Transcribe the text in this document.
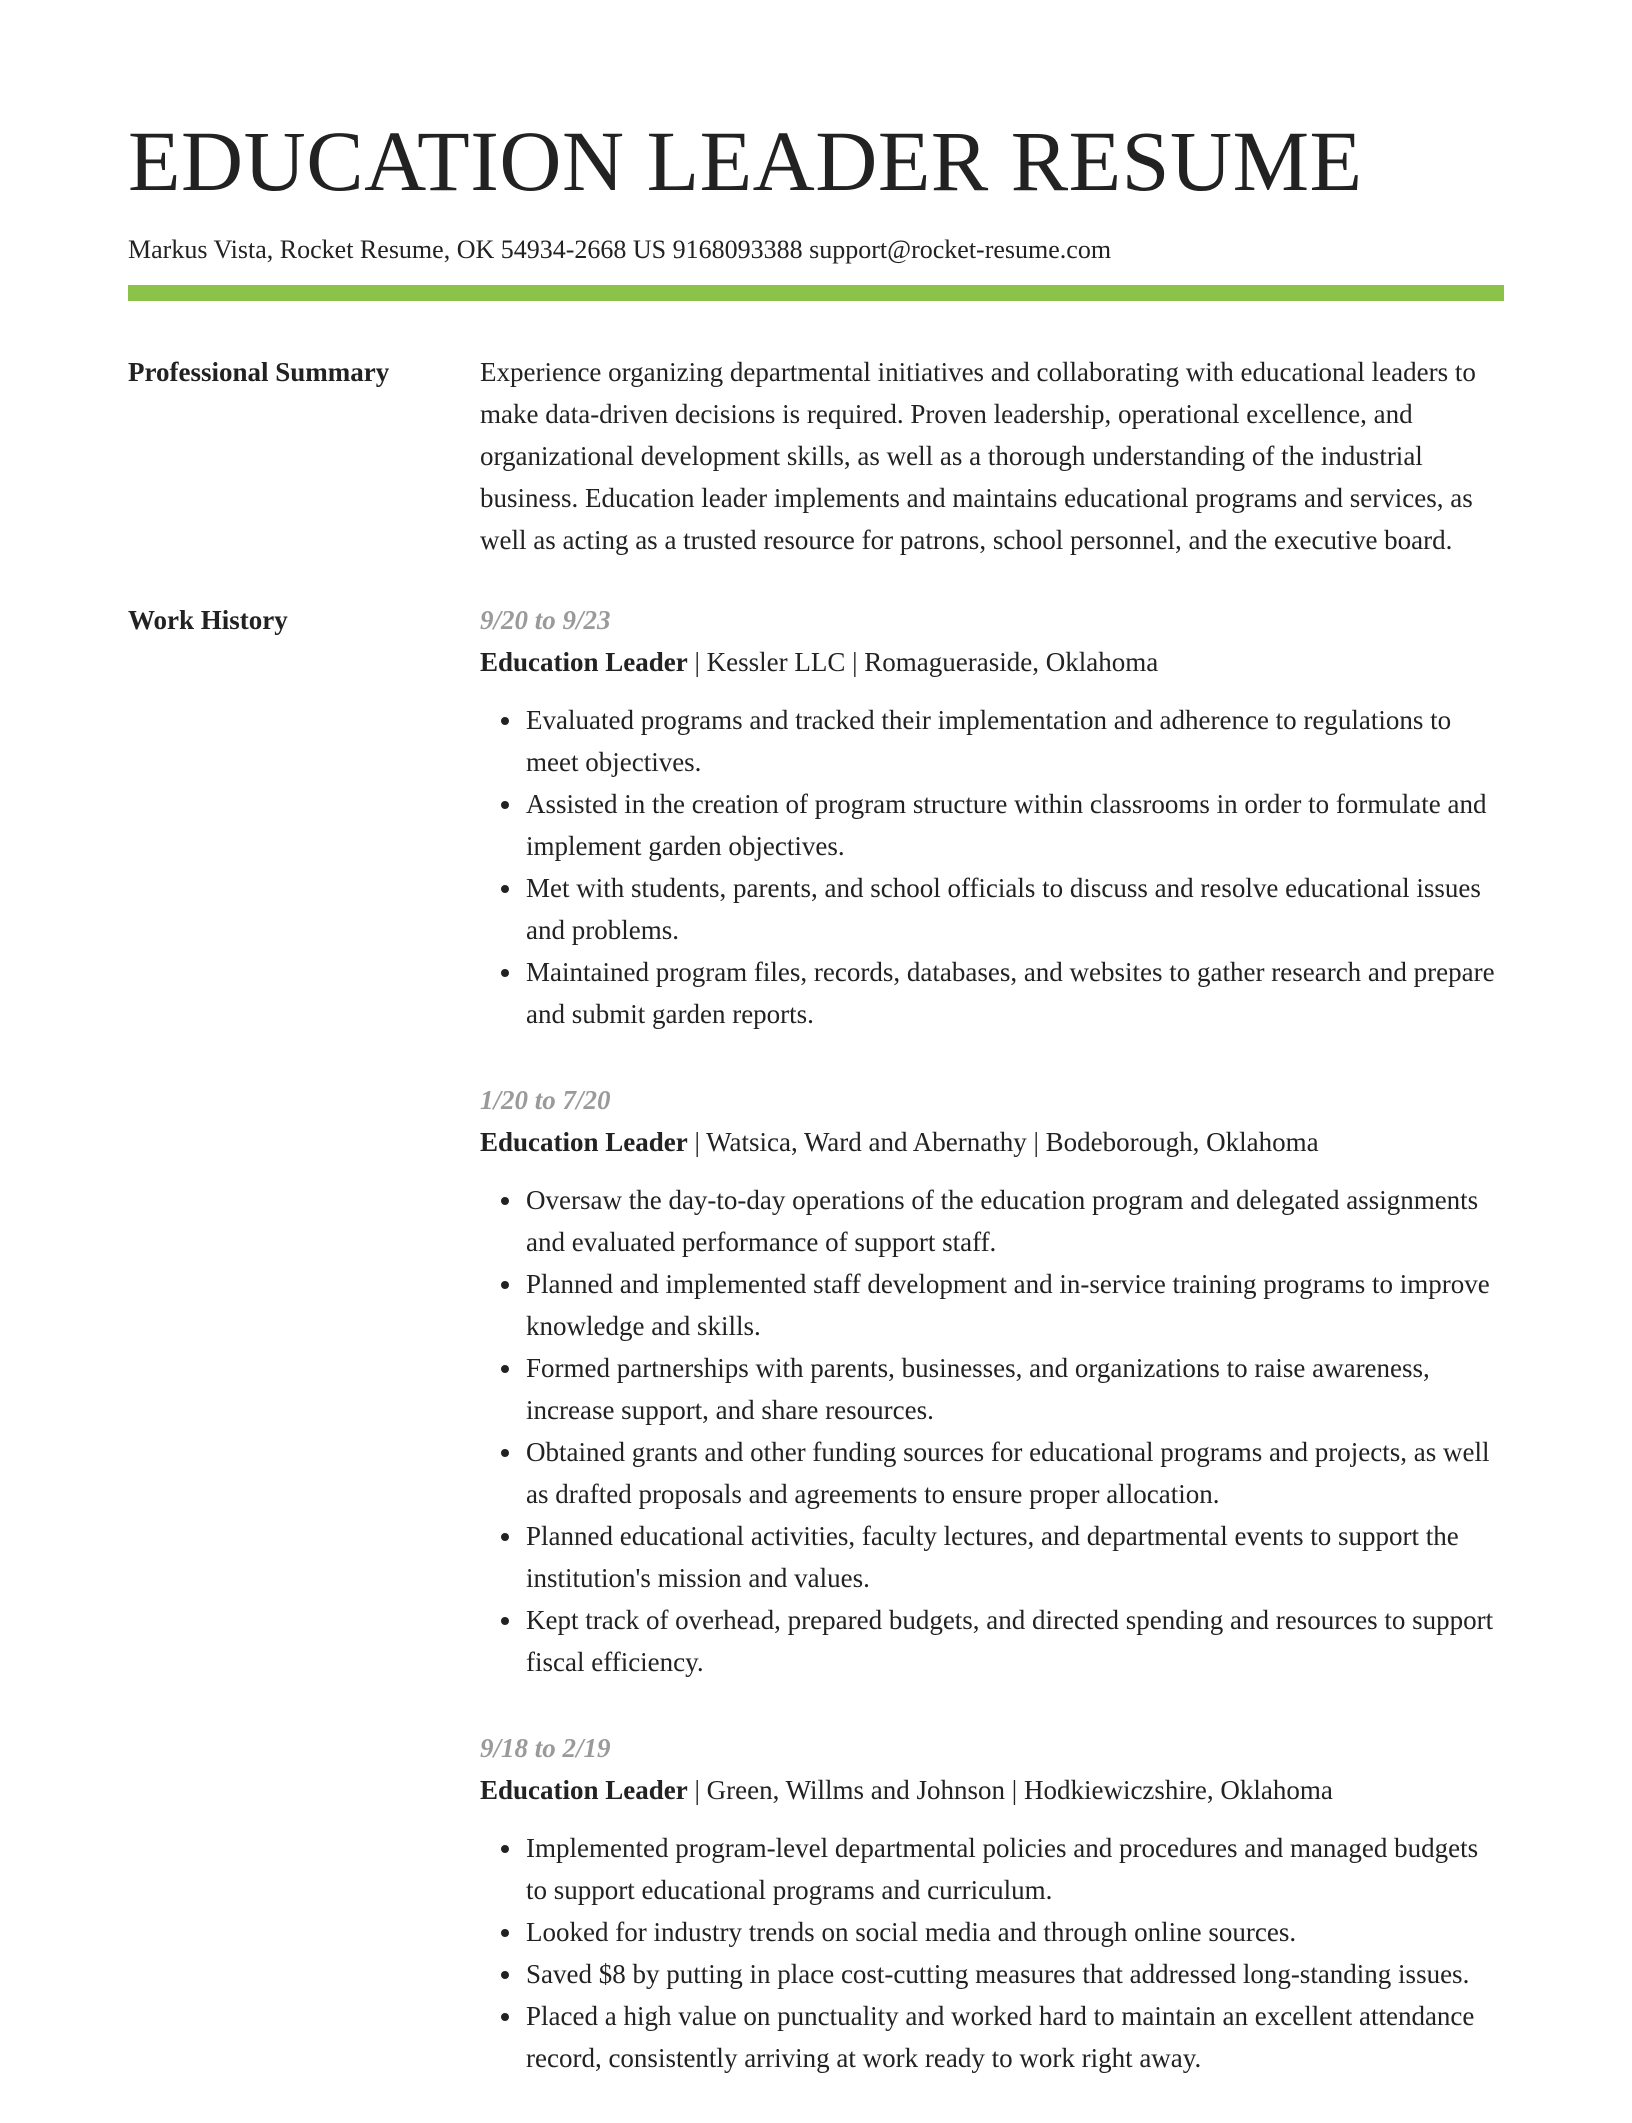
EDUCATION LEADER RESUME
Markus Vista, Rocket Resume, OK 54934-2668 US 9168093388 support@rocket-resume.com
Professional Summary	Experience organizing departmental initiatives and collaborating with educational leaders to make data-driven decisions is required. Proven leadership, operational excellence, and organizational development skills, as well as a thorough understanding of the industrial business. Education leader implements and maintains educational programs and services, as well as acting as a trusted resource for patrons, school personnel, and the executive board.

Work History	9/20 to 9/23
Education Leader | Kessler LLC | Romagueraside, Oklahoma
• Evaluated programs and tracked their implementation and adherence to regulations to meet objectives.
• Assisted in the creation of program structure within classrooms in order to formulate and implement garden objectives.
• Met with students, parents, and school officials to discuss and resolve educational issues and problems.
• Maintained program files, records, databases, and websites to gather research and prepare and submit garden reports.
1/20 to 7/20
Education Leader | Watsica, Ward and Abernathy | Bodeborough, Oklahoma
• Oversaw the day-to-day operations of the education program and delegated assignments and evaluated performance of support staff.
• Planned and implemented staff development and in-service training programs to improve knowledge and skills.
• Formed partnerships with parents, businesses, and organizations to raise awareness, increase support, and share resources.
• Obtained grants and other funding sources for educational programs and projects, as well as drafted proposals and agreements to ensure proper allocation.
• Planned educational activities, faculty lectures, and departmental events to support the institution's mission and values.
• Kept track of overhead, prepared budgets, and directed spending and resources to support fiscal efficiency.
9/18 to 2/19
Education Leader | Green, Willms and Johnson | Hodkiewiczshire, Oklahoma
• Implemented program-level departmental policies and procedures and managed budgets to support educational programs and curriculum.
• Looked for industry trends on social media and through online sources.
• Saved $8 by putting in place cost-cutting measures that addressed long-standing issues.
• Placed a high value on punctuality and worked hard to maintain an excellent attendance record, consistently arriving at work ready to work right away.
